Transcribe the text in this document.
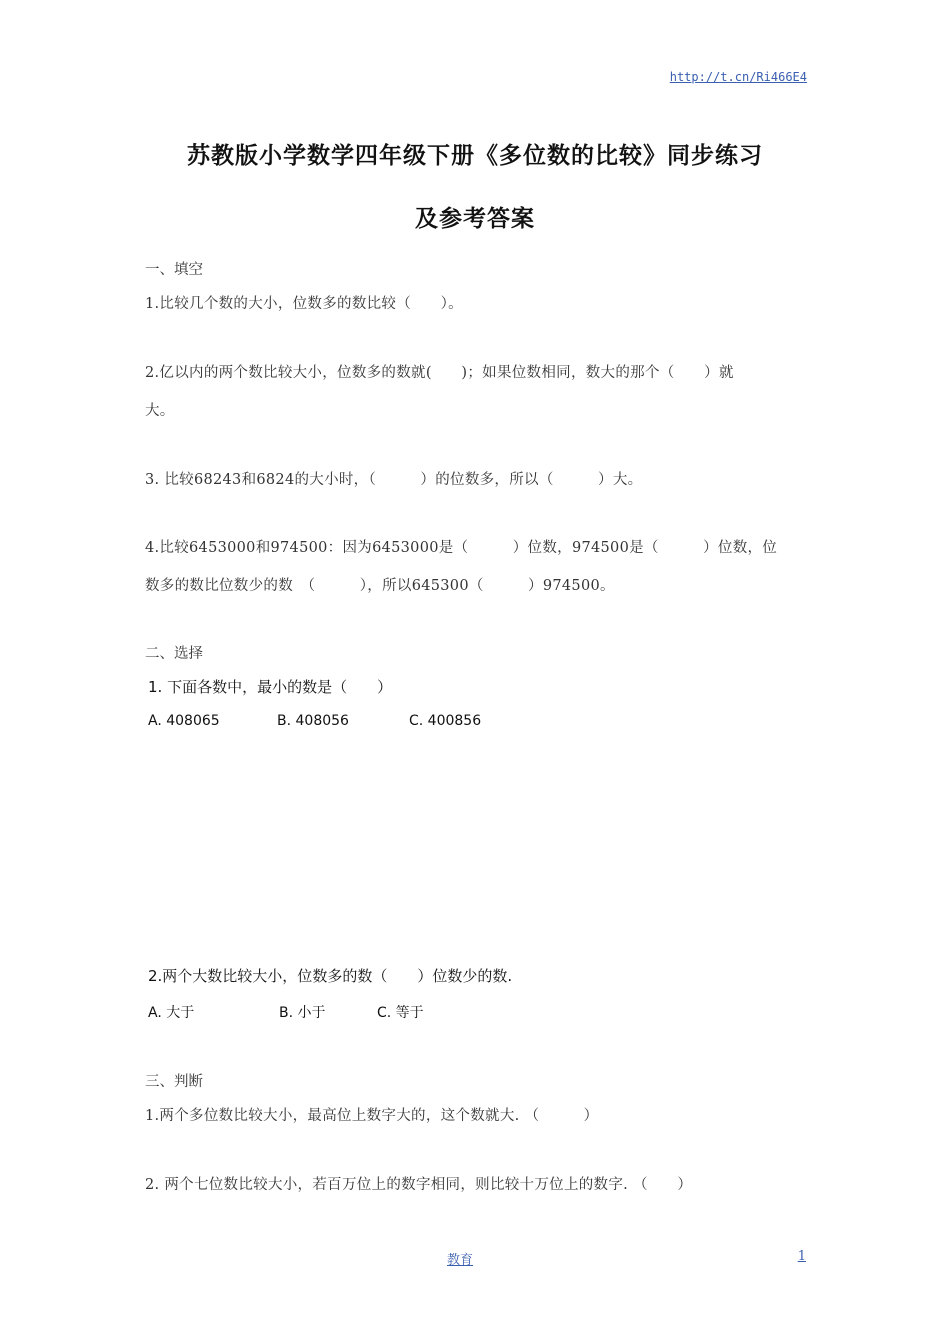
http://t.cn/Ri466E4
苏教版小学数学四年级下册《多位数的比较》同步练习
及参考答案
一、填空
1.比较几个数的大小，位数多的数比较（　　）。
2.亿以内的两个数比较大小，位数多的数就(　　)；如果位数相同，数大的那个（　　）就
大。
3. 比较68243和6824的大小时，（　　　）的位数多，所以（　　　）大。
4.比较6453000和974500：因为6453000是（　　　）位数，974500是（　　　）位数，位
数多的数比位数少的数　（　　　），所以645300（　　　）974500。
二、选择
1. 下面各数中，最小的数是（　　）
A. 408065	B. 408056	C. 400856
2.两个大数比较大小，位数多的数（　　）位数少的数.
A. 大于	B. 小于	C. 等于
三、判断
1.两个多位数比较大小，最高位上数字大的，这个数就大. （　　　）
2. 两个七位数比较大小，若百万位上的数字相同，则比较十万位上的数字. （　　）
教育	1
